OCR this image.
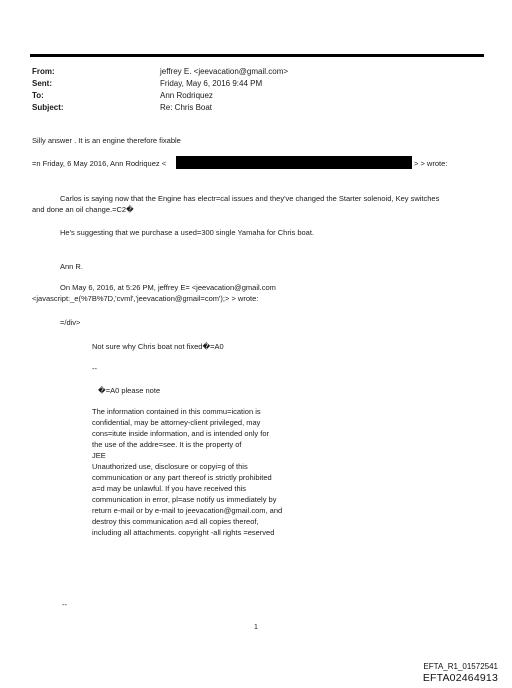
From:	jeffrey E. <jeevacation@gmail.com>
Sent:	Friday, May 6, 2016 9:44 PM
To:	Ann Rodriquez
Subject:	Re: Chris Boat
Silly answer . It is an engine therefore fixable
=n Friday, 6 May 2016, Ann Rodriquez <	> > wrote:
Carlos is saying now that the Engine has electr=cal issues and they've changed the Starter solenoid, Key switches
and done an oil change.=C2�
He's suggesting that we purchase a used=300 single Yamaha for Chris boat.
Ann R.
On May 6, 2016, at 5:26 PM, jeffrey E= <jeevacation@gmail.com
<javascript:_e(%7B%7D,'cvml','jeevacation@gmail=com');> > wrote:
=/div>
Not sure why Chris boat not fixed�=A0
--
�=A0 please note
The information contained in this commu=ication is
confidential, may be attorney-client privileged, may
cons=itute inside information, and is intended only for
the use of the addre=see. It is the property of
JEE
Unauthorized use, disclosure or copyi=g of this
communication or any part thereof is strictly prohibited
a=d may be unlawful. If you have received this
communication in error, pl=ase notify us immediately by
return e-mail or by e-mail to jeevacation@gmail.com, and
destroy this communication a=d all copies thereof,
including all attachments. copyright -all rights =eserved
--
1
EFTA_R1_01572541
EFTA02464913
